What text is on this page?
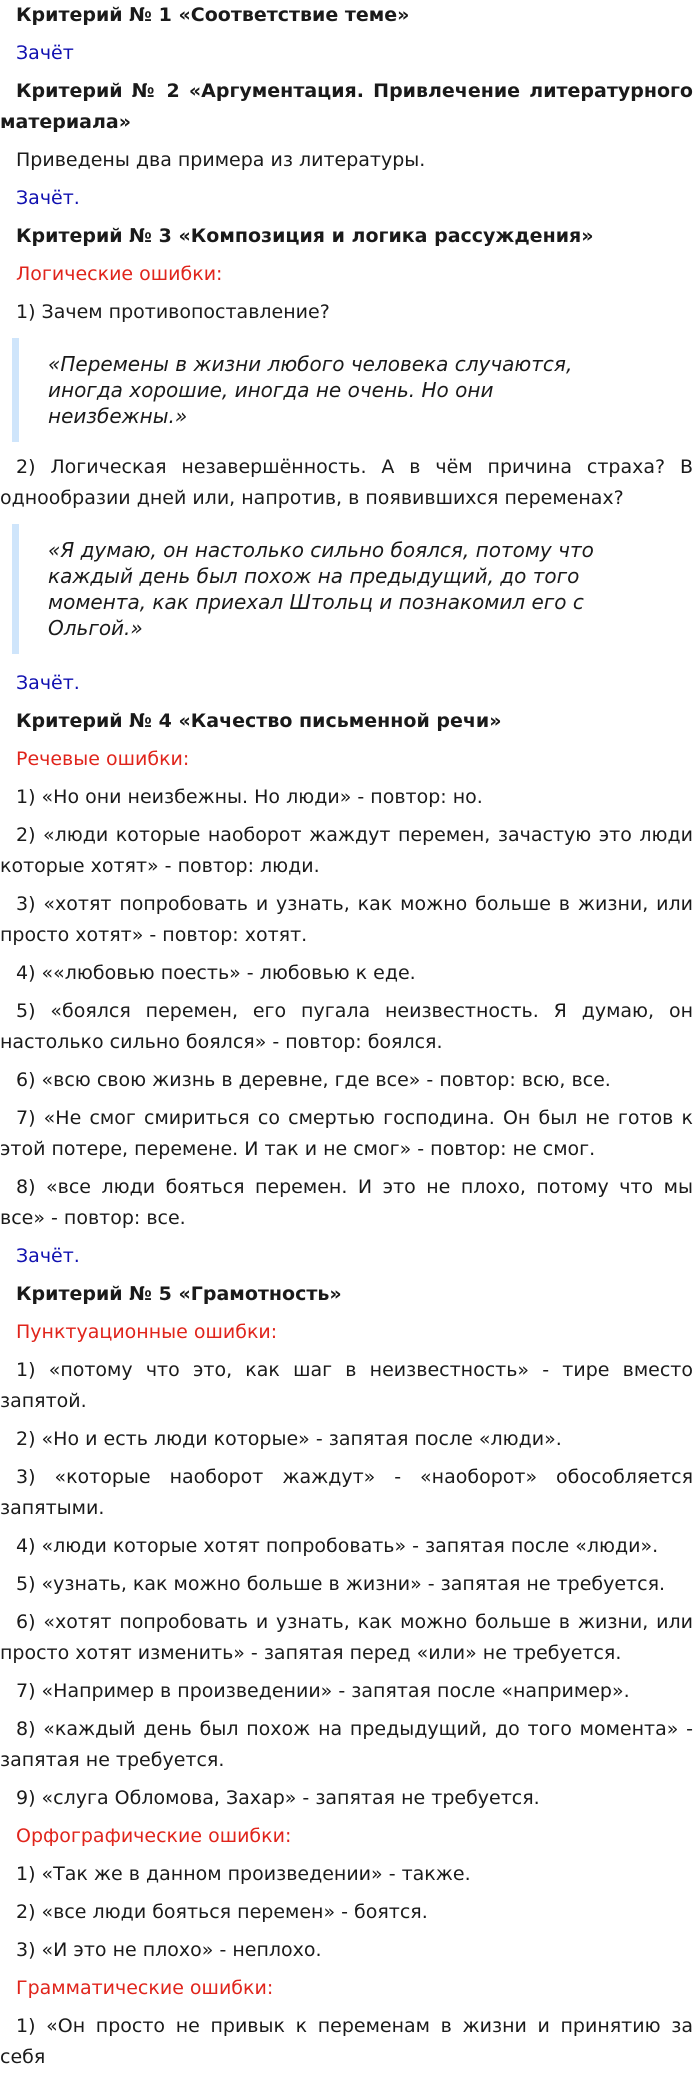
Критерий № 1 «Соответствие теме»
Зачёт
Критерий № 2 «Аргументация. Привлечение литературного материала»
Приведены два примера из литературы.
Зачёт.
Критерий № 3 «Композиция и логика рассуждения»
Логические ошибки:
1) Зачем противопоставление?
«Перемены в жизни любого человека случаются, иногда хорошие, иногда не очень. Но они неизбежны.»
2) Логическая незавершённость. А в чём причина страха? В однообразии дней или, напротив, в появившихся переменах?
«Я думаю, он настолько сильно боялся, потому что каждый день был похож на предыдущий, до того момента, как приехал Штольц и познакомил его с Ольгой.»
Зачёт.
Критерий № 4 «Качество письменной речи»
Речевые ошибки:
1) «Но они неизбежны. Но люди» - повтор: но.
2) «люди которые наоборот жаждут перемен, зачастую это люди которые хотят» - повтор: люди.
3) «хотят попробовать и узнать, как можно больше в жизни, или просто хотят» - повтор: хотят.
4) ««любовью поесть» - любовью к еде.
5) «боялся перемен, его пугала неизвестность. Я думаю, он настолько сильно боялся» - повтор: боялся.
6) «всю свою жизнь в деревне, где все» - повтор: всю, все.
7) «Не смог смириться со смертью господина. Он был не готов к этой потере, перемене. И так и не смог» - повтор: не смог.
8) «все люди бояться перемен. И это не плохо, потому что мы все» - повтор: все.
Зачёт.
Критерий № 5 «Грамотность»
Пунктуационные ошибки:
1) «потому что это, как шаг в неизвестность» - тире вместо запятой.
2) «Но и есть люди которые» - запятая после «люди».
3) «которые наоборот жаждут» - «наоборот» обособляется запятыми.
4) «люди которые хотят попробовать» - запятая после «люди».
5) «узнать, как можно больше в жизни» - запятая не требуется.
6) «хотят попробовать и узнать, как можно больше в жизни, или просто хотят изменить» - запятая перед «или» не требуется.
7) «Например в произведении» - запятая после «например».
8) «каждый день был похож на предыдущий, до того момента» - запятая не требуется.
9) «слуга Обломова, Захар» - запятая не требуется.
Орфографические ошибки:
1) «Так же в данном произведении» - также.
2) «все люди бояться перемен» - боятся.
3) «И это не плохо» - неплохо.
Грамматические ошибки:
1) «Он просто не привык к переменам в жизни и принятию за себя
